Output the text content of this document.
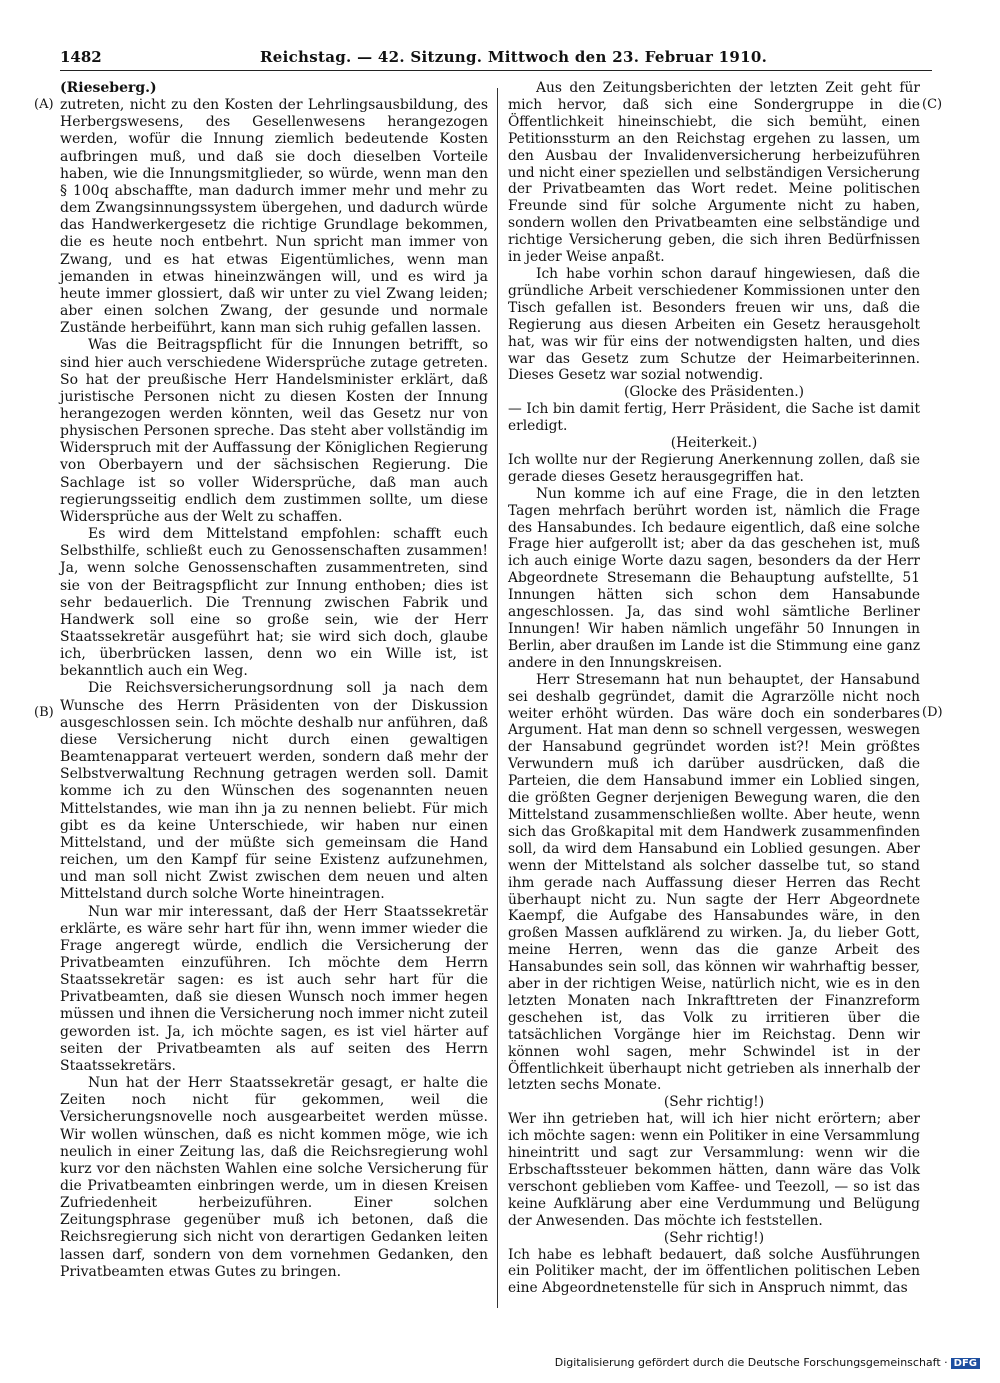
1482	Reichstag. — 42. Sitzung. Mittwoch den 23. Februar 1910.
(A)
(B)
(C)
(D)

(Rieseberg.)

zutreten, nicht zu den Kosten der Lehrlingsausbildung, des Herbergswesens, des Gesellenwesens herangezogen werden, wofür die Innung ziemlich bedeutende Kosten aufbringen muß, und daß sie doch dieselben Vorteile haben, wie die Innungsmitglieder, so würde, wenn man den § 100q abschaffte, man dadurch immer mehr und mehr zu dem Zwangsinnungssystem übergehen, und dadurch würde das Handwerkergesetz die richtige Grundlage bekommen, die es heute noch entbehrt. Nun spricht man immer von Zwang, und es hat etwas Eigentümliches, wenn man jemanden in etwas hineinzwängen will, und es wird ja heute immer glossiert, daß wir unter zu viel Zwang leiden; aber einen solchen Zwang, der gesunde und normale Zustände herbeiführt, kann man sich ruhig gefallen lassen.

Was die Beitragspflicht für die Innungen betrifft, so sind hier auch verschiedene Widersprüche zutage getreten. So hat der preußische Herr Handelsminister erklärt, daß juristische Personen nicht zu diesen Kosten der Innung herangezogen werden könnten, weil das Gesetz nur von physischen Personen spreche. Das steht aber vollständig im Widerspruch mit der Auffassung der Königlichen Regierung von Oberbayern und der sächsischen Regierung. Die Sachlage ist so voller Widersprüche, daß man auch regierungsseitig endlich dem zustimmen sollte, um diese Widersprüche aus der Welt zu schaffen.

Es wird dem Mittelstand empfohlen: schafft euch Selbsthilfe, schließt euch zu Genossenschaften zusammen! Ja, wenn solche Genossenschaften zusammentreten, sind sie von der Beitragspflicht zur Innung enthoben; dies ist sehr bedauerlich. Die Trennung zwischen Fabrik und Handwerk soll eine so große sein, wie der Herr Staatssekretär ausgeführt hat; sie wird sich doch, glaube ich, überbrücken lassen, denn wo ein Wille ist, ist bekanntlich auch ein Weg.

Die Reichsversicherungsordnung soll ja nach dem Wunsche des Herrn Präsidenten von der Diskussion ausgeschlossen sein. Ich möchte deshalb nur anführen, daß diese Versicherung nicht durch einen gewaltigen Beamtenapparat verteuert werden, sondern daß mehr der Selbstverwaltung Rechnung getragen werden soll. Damit komme ich zu den Wünschen des sogenannten neuen Mittelstandes, wie man ihn ja zu nennen beliebt. Für mich gibt es da keine Unterschiede, wir haben nur einen Mittelstand, und der müßte sich gemeinsam die Hand reichen, um den Kampf für seine Existenz aufzunehmen, und man soll nicht Zwist zwischen dem neuen und alten Mittelstand durch solche Worte hineintragen.

Nun war mir interessant, daß der Herr Staatssekretär erklärte, es wäre sehr hart für ihn, wenn immer wieder die Frage angeregt würde, endlich die Versicherung der Privatbeamten einzuführen. Ich möchte dem Herrn Staatssekretär sagen: es ist auch sehr hart für die Privatbeamten, daß sie diesen Wunsch noch immer hegen müssen und ihnen die Versicherung noch immer nicht zuteil geworden ist. Ja, ich möchte sagen, es ist viel härter auf seiten der Privatbeamten als auf seiten des Herrn Staatssekretärs.

Nun hat der Herr Staatssekretär gesagt, er halte die Zeiten noch nicht für gekommen, weil die Versicherungsnovelle noch ausgearbeitet werden müsse. Wir wollen wünschen, daß es nicht kommen möge, wie ich neulich in einer Zeitung las, daß die Reichsregierung wohl kurz vor den nächsten Wahlen eine solche Versicherung für die Privatbeamten einbringen werde, um in diesen Kreisen Zufriedenheit herbeizuführen. Einer solchen Zeitungsphrase gegenüber muß ich betonen, daß die Reichsregierung sich nicht von derartigen Gedanken leiten lassen darf, sondern von dem vornehmen Gedanken, den Privatbeamten etwas Gutes zu bringen.

Aus den Zeitungsberichten der letzten Zeit geht für mich hervor, daß sich eine Sondergruppe in die Öffentlichkeit hineinschiebt, die sich bemüht, einen Petitionssturm an den Reichstag ergehen zu lassen, um den Ausbau der Invalidenversicherung herbeizuführen und nicht einer speziellen und selbständigen Versicherung der Privatbeamten das Wort redet. Meine politischen Freunde sind für solche Argumente nicht zu haben, sondern wollen den Privatbeamten eine selbständige und richtige Versicherung geben, die sich ihren Bedürfnissen in jeder Weise anpaßt.

Ich habe vorhin schon darauf hingewiesen, daß die gründliche Arbeit verschiedener Kommissionen unter den Tisch gefallen ist. Besonders freuen wir uns, daß die Regierung aus diesen Arbeiten ein Gesetz herausgeholt hat, was wir für eins der notwendigsten halten, und dies war das Gesetz zum Schutze der Heimarbeiterinnen. Dieses Gesetz war sozial notwendig.

(Glocke des Präsidenten.)

— Ich bin damit fertig, Herr Präsident, die Sache ist damit erledigt.

(Heiterkeit.)

Ich wollte nur der Regierung Anerkennung zollen, daß sie gerade dieses Gesetz herausgegriffen hat.

Nun komme ich auf eine Frage, die in den letzten Tagen mehrfach berührt worden ist, nämlich die Frage des Hansabundes. Ich bedaure eigentlich, daß eine solche Frage hier aufgerollt ist; aber da das geschehen ist, muß ich auch einige Worte dazu sagen, besonders da der Herr Abgeordnete Stresemann die Behauptung aufstellte, 51 Innungen hätten sich schon dem Hansabunde angeschlossen. Ja, das sind wohl sämtliche Berliner Innungen! Wir haben nämlich ungefähr 50 Innungen in Berlin, aber draußen im Lande ist die Stimmung eine ganz andere in den Innungskreisen.

Herr Stresemann hat nun behauptet, der Hansabund sei deshalb gegründet, damit die Agrarzölle nicht noch weiter erhöht würden. Das wäre doch ein sonderbares Argument. Hat man denn so schnell vergessen, weswegen der Hansabund gegründet worden ist?! Mein größtes Verwundern muß ich darüber ausdrücken, daß die Parteien, die dem Hansabund immer ein Loblied singen, die größten Gegner derjenigen Bewegung waren, die den Mittelstand zusammenschließen wollte. Aber heute, wenn sich das Großkapital mit dem Handwerk zusammenfinden soll, da wird dem Hansabund ein Loblied gesungen. Aber wenn der Mittelstand als solcher dasselbe tut, so stand ihm gerade nach Auffassung dieser Herren das Recht überhaupt nicht zu. Nun sagte der Herr Abgeordnete Kaempf, die Aufgabe des Hansabundes wäre, in den großen Massen aufklärend zu wirken. Ja, du lieber Gott, meine Herren, wenn das die ganze Arbeit des Hansabundes sein soll, das können wir wahrhaftig besser, aber in der richtigen Weise, natürlich nicht, wie es in den letzten Monaten nach Inkrafttreten der Finanzreform geschehen ist, das Volk zu irritieren über die tatsächlichen Vorgänge hier im Reichstag. Denn wir können wohl sagen, mehr Schwindel ist in der Öffentlichkeit überhaupt nicht getrieben als innerhalb der letzten sechs Monate.

(Sehr richtig!)

Wer ihn getrieben hat, will ich hier nicht erörtern; aber ich möchte sagen: wenn ein Politiker in eine Versammlung hineintritt und sagt zur Versammlung: wenn wir die Erbschaftssteuer bekommen hätten, dann wäre das Volk verschont geblieben vom Kaffee- und Teezoll, — so ist das keine Aufklärung aber eine Verdummung und Belügung der Anwesenden. Das möchte ich feststellen.

(Sehr richtig!)

Ich habe es lebhaft bedauert, daß solche Ausführungen ein Politiker macht, der im öffentlichen politischen Leben eine Abgeordnetenstelle für sich in Anspruch nimmt, das

Digitalisierung gefördert durch die Deutsche Forschungsgemeinschaft · DFG
